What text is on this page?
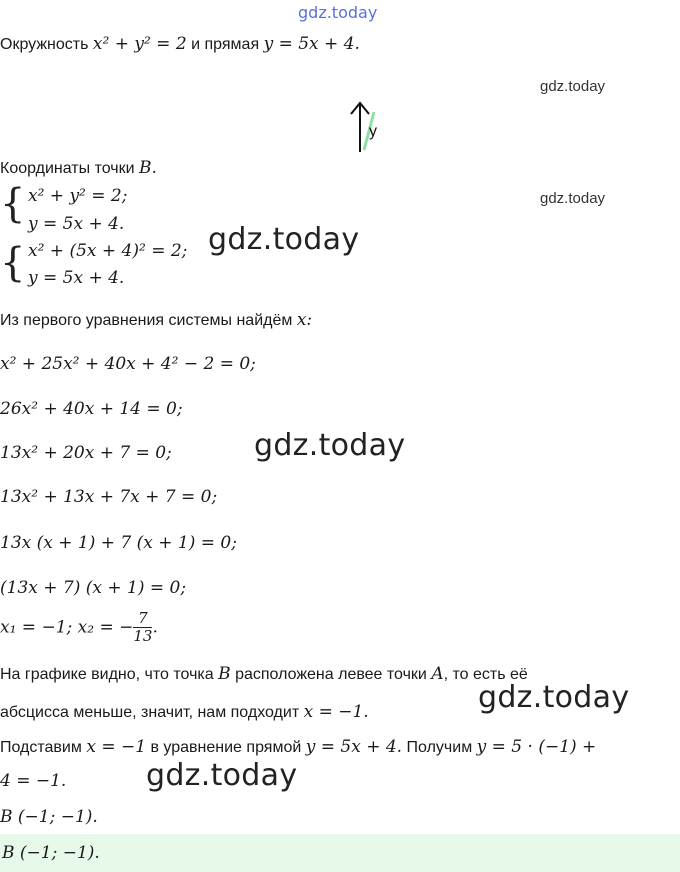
gdz.today
Окружность x² + y² = 2 и прямая y = 5x + 4.
gdz.today
y
Координаты точки B.
gdz.today
{ x² + y² = 2;
y = 5x + 4.
{ x² + (5x + 4)² = 2;
y = 5x + 4.
gdz.today
Из первого уравнения системы найдём x:
x² + 25x² + 40x + 4² − 2 = 0;
26x² + 40x + 14 = 0;
13x² + 20x + 7 = 0;	gdz.today
13x² + 13x + 7x + 7 = 0;
13x (x + 1) + 7 (x + 1) = 0;
(13x + 7) (x + 1) = 0;
x₁ = −1; x₂ = − $\frac{7}{13}$ .
На графике видно, что точка B расположена левее точки A, то есть её
абсцисса меньше, значит, нам подходит x = −1.	gdz.today
Подставим x = −1 в уравнение прямой y = 5x + 4. Получим y = 5 · (−1) +
4 = −1.	gdz.today
B (−1; −1).
B (−1; −1).
